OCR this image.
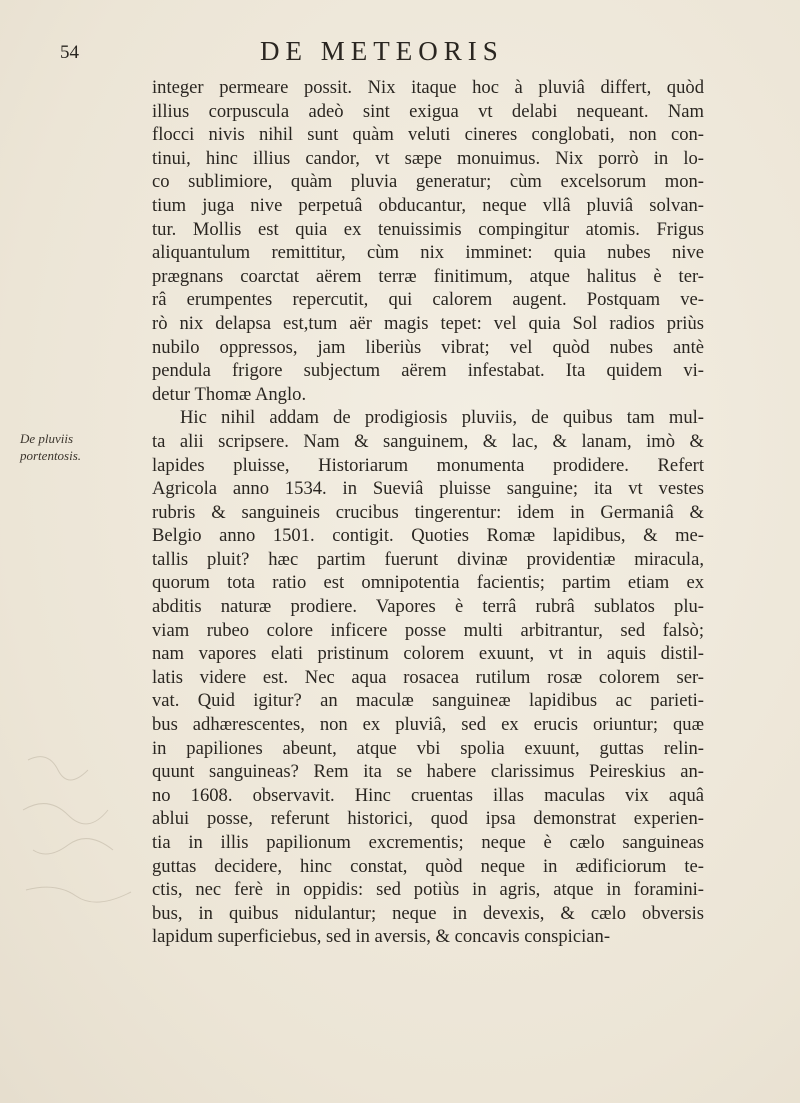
54	DE METEORIS
De pluviis
portentosis.
integer permeare possit. Nix itaque hoc à pluviâ differt, quòd
illius corpuscula adeò sint exigua vt delabi nequeant. Nam
flocci nivis nihil sunt quàm veluti cineres conglobati, non con-
tinui, hinc illius candor, vt sæpe monuimus. Nix porrò in lo-
co sublimiore, quàm pluvia generatur; cùm excelsorum mon-
tium juga nive perpetuâ obducantur, neque vllâ pluviâ solvan-
tur. Mollis est quia ex tenuissimis compingitur atomis. Frigus
aliquantulum remittitur, cùm nix imminet: quia nubes nive
prægnans coarctat aërem terræ finitimum, atque halitus è ter-
râ erumpentes repercutit, qui calorem augent. Postquam ve-
rò nix delapsa est,tum aër magis tepet: vel quia Sol radios priùs
nubilo oppressos, jam liberiùs vibrat; vel quòd nubes antè
pendula frigore subjectum aërem infestabat. Ita quidem vi-
detur Thomæ Anglo.
Hic nihil addam de prodigiosis pluviis, de quibus tam mul-
ta alii scripsere. Nam & sanguinem, & lac, & lanam, imò &
lapides pluisse, Historiarum monumenta prodidere. Refert
Agricola anno 1534. in Sueviâ pluisse sanguine; ita vt vestes
rubris & sanguineis crucibus tingerentur: idem in Germaniâ &
Belgio anno 1501. contigit. Quoties Romæ lapidibus, & me-
tallis pluit? hæc partim fuerunt divinæ providentiæ miracula,
quorum tota ratio est omnipotentia facientis; partim etiam ex
abditis naturæ prodiere. Vapores è terrâ rubrâ sublatos plu-
viam rubeo colore inficere posse multi arbitrantur, sed falsò;
nam vapores elati pristinum colorem exuunt, vt in aquis distil-
latis videre est. Nec aqua rosacea rutilum rosæ colorem ser-
vat. Quid igitur? an maculæ sanguineæ lapidibus ac parieti-
bus adhærescentes, non ex pluviâ, sed ex erucis oriuntur; quæ
in papiliones abeunt, atque vbi spolia exuunt, guttas relin-
quunt sanguineas? Rem ita se habere clarissimus Peireskius an-
no 1608. observavit. Hinc cruentas illas maculas vix aquâ
ablui posse, referunt historici, quod ipsa demonstrat experien-
tia in illis papilionum excrementis; neque è cælo sanguineas
guttas decidere, hinc constat, quòd neque in ædificiorum te-
ctis, nec ferè in oppidis: sed potiùs in agris, atque in foramini-
bus, in quibus nidulantur; neque in devexis, & cælo obversis
lapidum superficiebus, sed in aversis, & concavis conspician-
